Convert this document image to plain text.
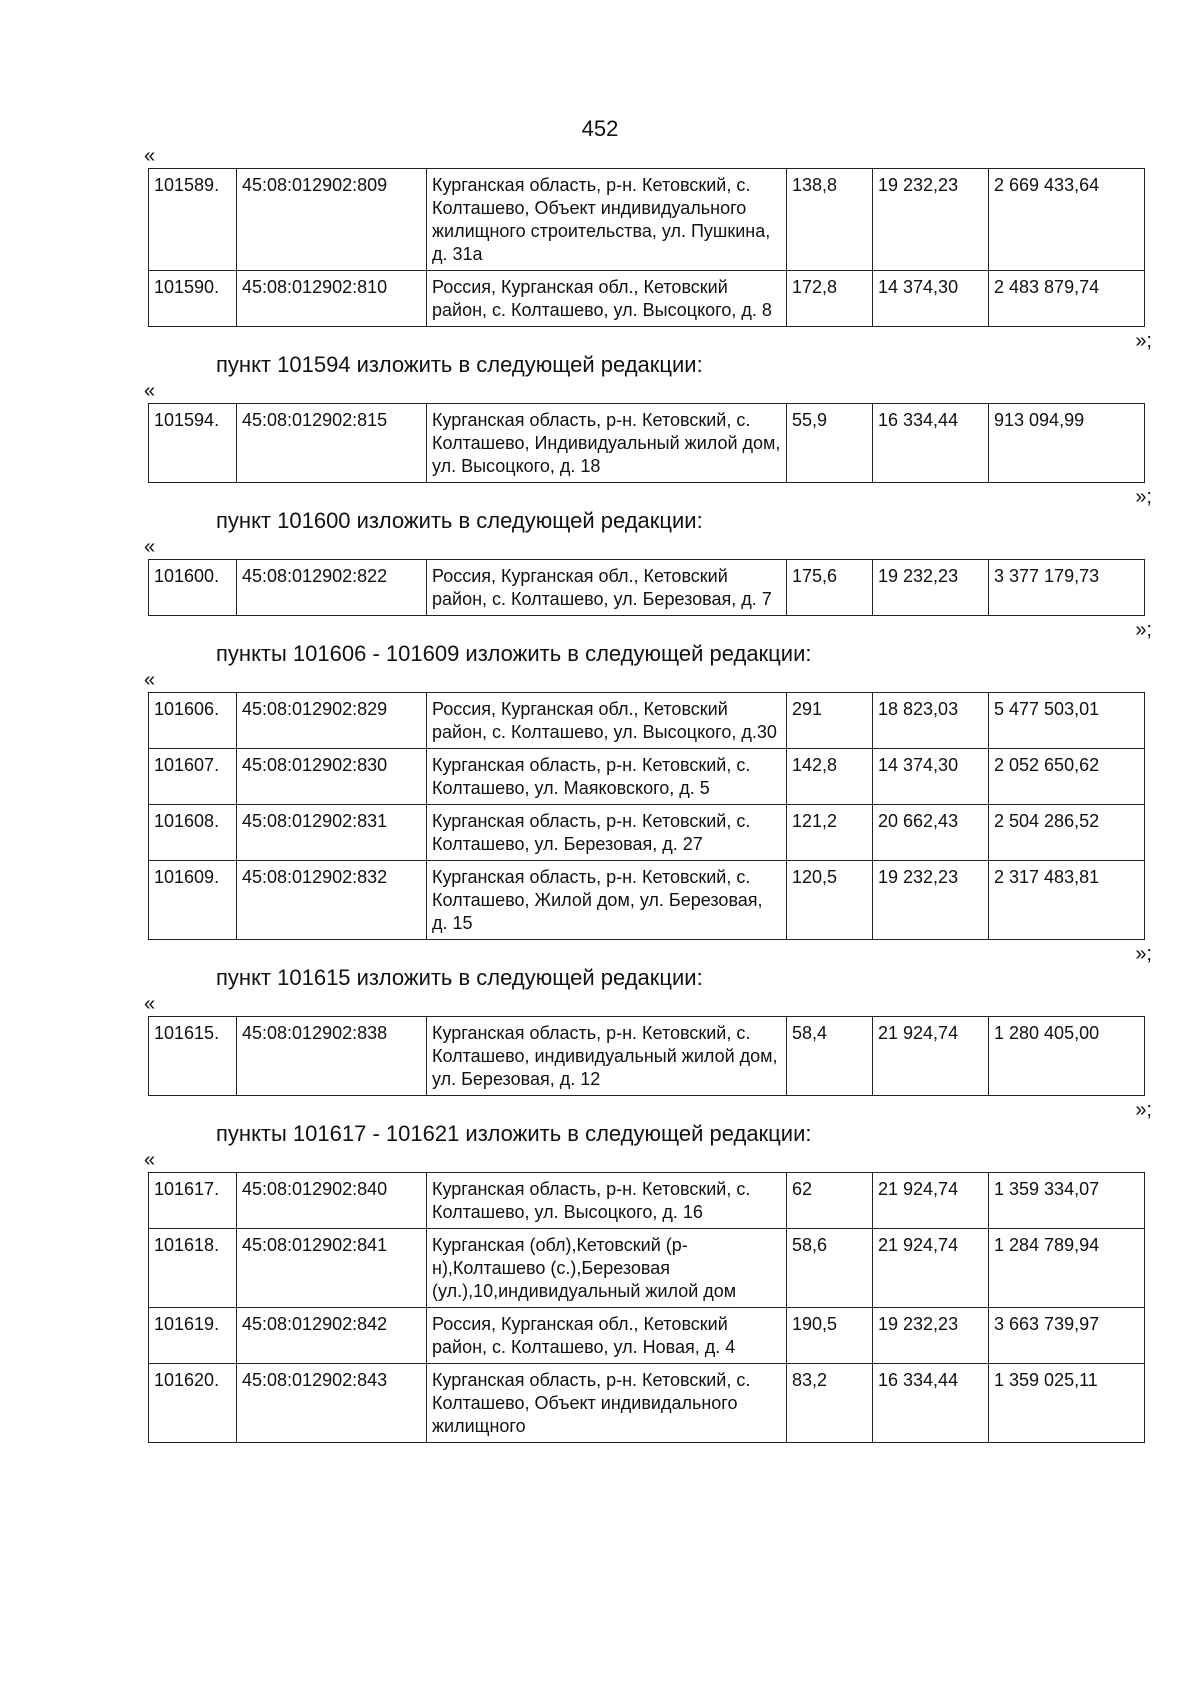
452
«
101589.	45:08:012902:809	Курганская область, р-н. Кетовский, с. Колташево, Объект индивидуального жилищного строительства, ул. Пушкина, д. 31а	138,8	19 232,23	2 669 433,64
101590.	45:08:012902:810	Россия, Курганская обл., Кетовский район, с. Колташево, ул. Высоцкого, д. 8	172,8	14 374,30	2 483 879,74
»;
пункт 101594 изложить в следующей редакции:
«
101594.	45:08:012902:815	Курганская область, р-н. Кетовский, с. Колташево, Индивидуальный жилой дом, ул. Высоцкого, д. 18	55,9	16 334,44	913 094,99
»;
пункт 101600 изложить в следующей редакции:
«
101600.	45:08:012902:822	Россия, Курганская обл., Кетовский район, с. Колташево, ул. Березовая, д. 7	175,6	19 232,23	3 377 179,73
»;
пункты 101606 - 101609 изложить в следующей редакции:
«
101606.	45:08:012902:829	Россия, Курганская обл., Кетовский район, с. Колташево, ул. Высоцкого, д.30	291	18 823,03	5 477 503,01
101607.	45:08:012902:830	Курганская область, р-н. Кетовский, с. Колташево, ул. Маяковского, д. 5	142,8	14 374,30	2 052 650,62
101608.	45:08:012902:831	Курганская область, р-н. Кетовский, с. Колташево, ул. Березовая, д. 27	121,2	20 662,43	2 504 286,52
101609.	45:08:012902:832	Курганская область, р-н. Кетовский, с. Колташево, Жилой дом, ул. Березовая, д. 15	120,5	19 232,23	2 317 483,81
»;
пункт 101615 изложить в следующей редакции:
«
101615.	45:08:012902:838	Курганская область, р-н. Кетовский, с. Колташево, индивидуальный жилой дом, ул. Березовая, д. 12	58,4	21 924,74	1 280 405,00
»;
пункты 101617 - 101621 изложить в следующей редакции:
«
101617.	45:08:012902:840	Курганская область, р-н. Кетовский, с. Колташево, ул. Высоцкого, д. 16	62	21 924,74	1 359 334,07
101618.	45:08:012902:841	Курганская (обл),Кетовский (р-н),Колташево (с.),Березовая (ул.),10,индивидуальный жилой дом	58,6	21 924,74	1 284 789,94
101619.	45:08:012902:842	Россия, Курганская обл., Кетовский район, с. Колташево, ул. Новая, д. 4	190,5	19 232,23	3 663 739,97
101620.	45:08:012902:843	Курганская область, р-н. Кетовский, с. Колташево, Объект индивидального жилищного	83,2	16 334,44	1 359 025,11
